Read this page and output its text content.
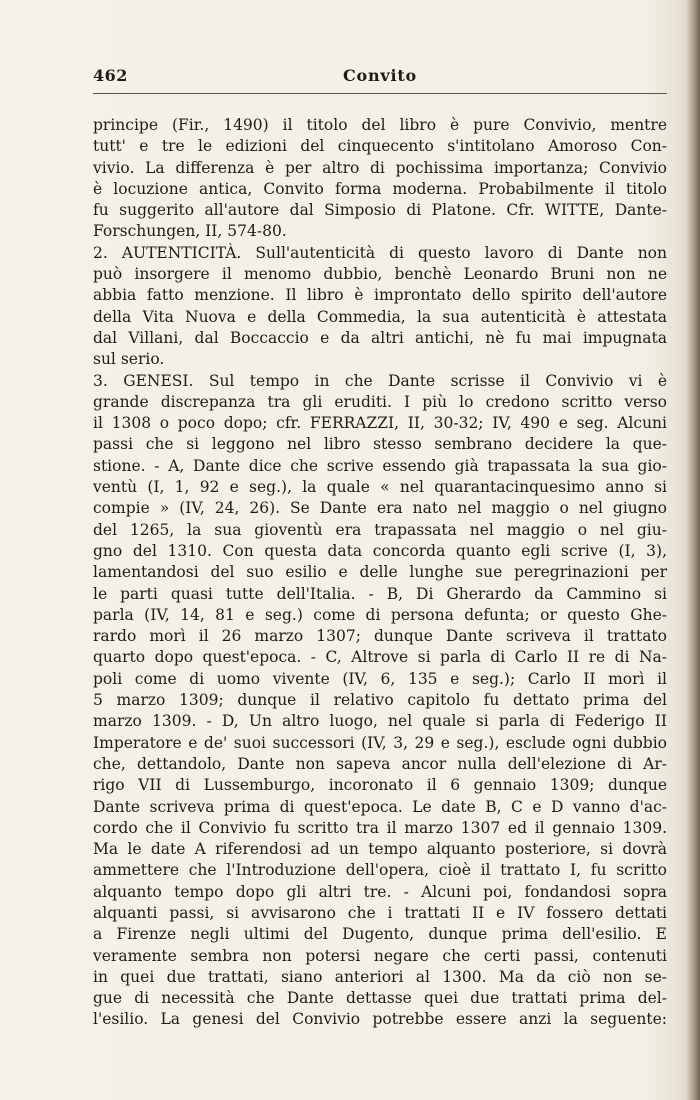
462	Convito
principe (Fir., 1490) il titolo del libro è pure Convivio, mentre
tutt' e tre le edizioni del cinquecento s'intitolano Amoroso Con-
vivio. La differenza è per altro di pochissima importanza; Convivio
è locuzione antica, Convito forma moderna. Probabilmente il titolo
fu suggerito all'autore dal Simposio di Platone. Cfr. WITTE, Dante-
Forschungen, II, 574-80.
2. AUTENTICITÀ. Sull'autenticità di questo lavoro di Dante non
può insorgere il menomo dubbio, benchè Leonardo Bruni non ne
abbia fatto menzione. Il libro è improntato dello spirito dell'autore
della Vita Nuova e della Commedia, la sua autenticità è attestata
dal Villani, dal Boccaccio e da altri antichi, nè fu mai impugnata
sul serio.
3. GENESI. Sul tempo in che Dante scrisse il Convivio vi è
grande discrepanza tra gli eruditi. I più lo credono scritto verso
il 1308 o poco dopo; cfr. FERRAZZI, II, 30-32; IV, 490 e seg. Alcuni
passi che si leggono nel libro stesso sembrano decidere la que-
stione. - A, Dante dice che scrive essendo già trapassata la sua gio-
ventù (I, 1, 92 e seg.), la quale « nel quarantacinquesimo anno si
compie » (IV, 24, 26). Se Dante era nato nel maggio o nel giugno
del 1265, la sua gioventù era trapassata nel maggio o nel giu-
gno del 1310. Con questa data concorda quanto egli scrive (I, 3),
lamentandosi del suo esilio e delle lunghe sue peregrinazioni per
le parti quasi tutte dell'Italia. - B, Di Gherardo da Cammino si
parla (IV, 14, 81 e seg.) come di persona defunta; or questo Ghe-
rardo morì il 26 marzo 1307; dunque Dante scriveva il trattato
quarto dopo quest'epoca. - C, Altrove si parla di Carlo II re di Na-
poli come di uomo vivente (IV, 6, 135 e seg.); Carlo II morì il
5 marzo 1309; dunque il relativo capitolo fu dettato prima del
marzo 1309. - D, Un altro luogo, nel quale si parla di Federigo II
Imperatore e de' suoi successori (IV, 3, 29 e seg.), esclude ogni dubbio
che, dettandolo, Dante non sapeva ancor nulla dell'elezione di Ar-
rigo VII di Lussemburgo, incoronato il 6 gennaio 1309; dunque
Dante scriveva prima di quest'epoca. Le date B, C e D vanno d'ac-
cordo che il Convivio fu scritto tra il marzo 1307 ed il gennaio 1309.
Ma le date A riferendosi ad un tempo alquanto posteriore, si dovrà
ammettere che l'Introduzione dell'opera, cioè il trattato I, fu scritto
alquanto tempo dopo gli altri tre. - Alcuni poi, fondandosi sopra
alquanti passi, si avvisarono che i trattati II e IV fossero dettati
a Firenze negli ultimi del Dugento, dunque prima dell'esilio. E
veramente sembra non potersi negare che certi passi, contenuti
in quei due trattati, siano anteriori al 1300. Ma da ciò non se-
gue di necessità che Dante dettasse quei due trattati prima del-
l'esilio. La genesi del Convivio potrebbe essere anzi la seguente:
